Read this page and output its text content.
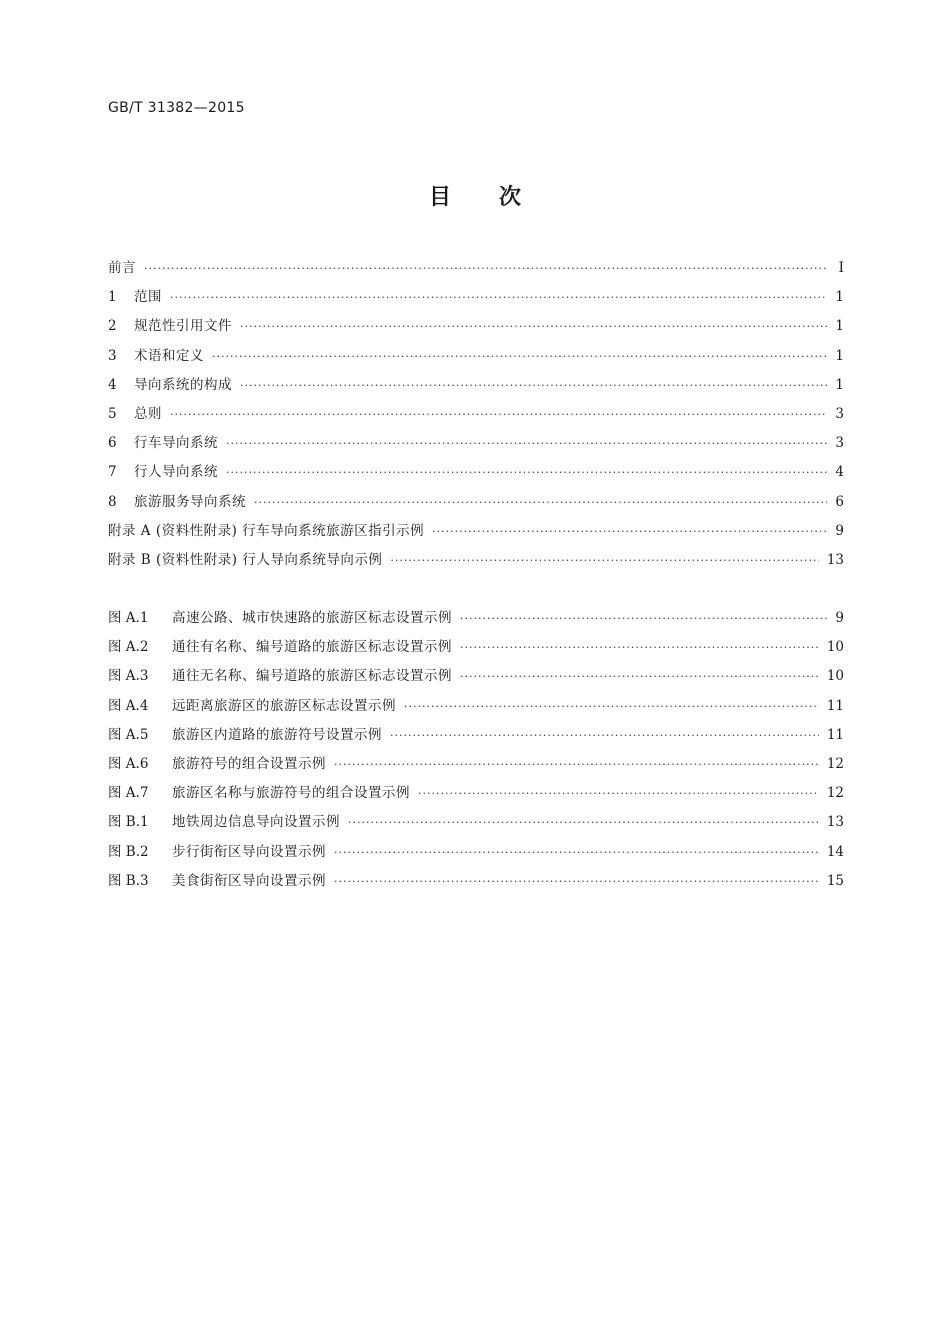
GB/T 31382—2015
目 次
前言 ·····	Ⅰ
1	范围 ·····	1
2	规范性引用文件 ·····	1
3	术语和定义 ·····	1
4	导向系统的构成 ·····	1
5	总则 ·····	3
6	行车导向系统 ·····	3
7	行人导向系统 ·····	4
8	旅游服务导向系统 ·····	6
附录 A (资料性附录) 行车导向系统旅游区指引示例 ·····	9
附录 B (资料性附录) 行人导向系统导向示例 ·····	13
图 A.1	高速公路、城市快速路的旅游区标志设置示例 ·····	9
图 A.2	通往有名称、编号道路的旅游区标志设置示例 ·····	10
图 A.3	通往无名称、编号道路的旅游区标志设置示例 ·····	10
图 A.4	远距离旅游区的旅游区标志设置示例 ·····	11
图 A.5	旅游区内道路的旅游符号设置示例 ·····	11
图 A.6	旅游符号的组合设置示例 ·····	12
图 A.7	旅游区名称与旅游符号的组合设置示例 ·····	12
图 B.1	地铁周边信息导向设置示例 ·····	13
图 B.2	步行街衔区导向设置示例 ·····	14
图 B.3	美食街衔区导向设置示例 ·····	15
